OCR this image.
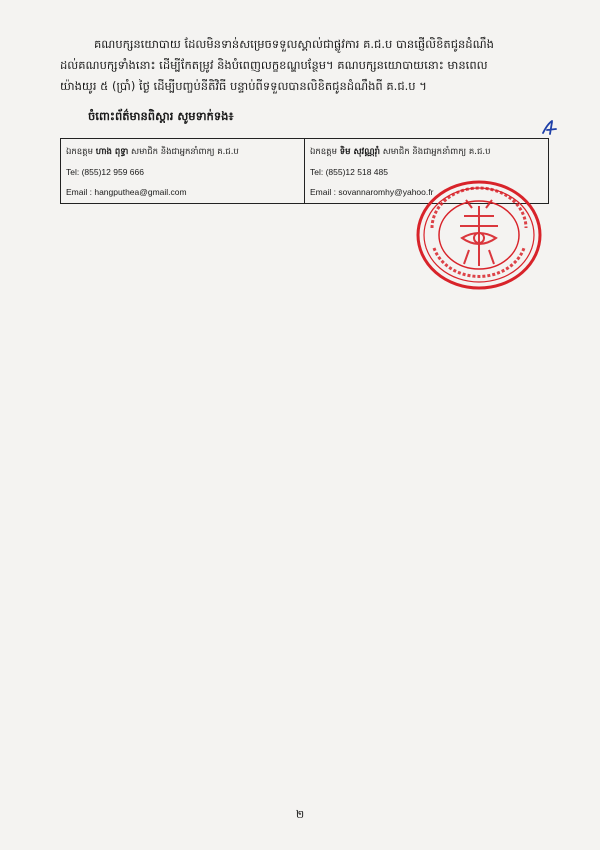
គណបក្សនយោបាយ ដែលមិនទាន់សម្រេចទទួលស្គាល់ជាផ្លូវការ គ.ជ.ប បានផ្ញើលិខិតជូនដំណឹង
ដល់គណបក្សទាំងនោះ ដើម្បីកែតម្រូវ និងបំពេញលក្ខខណ្ឌបន្ថែម។ គណបក្សនយោបាយនោះ មានពេល
យ៉ាងយូរ ៥ (ប្រាំ) ថ្ងៃ ដើម្បីបញ្ចប់នីតិវិធី បន្ទាប់ពីទទួលបានលិខិតជូនដំណឹងពី គ.ជ.ប ។

ចំពោះព័ត៌មានពិស្តារ សូមទាក់ទង៖

ឯកឧត្តម ហាង ពុទ្ធា សមាជិក និងជាអ្នកនាំពាក្យ គ.ជ.ប
Tel: (855)12 959 666
Email : hangputhea@gmail.com
ឯកឧត្តម ទិម សុវណ្ណរ៉ាំ សមាជិក និងជាអ្នកនាំពាក្យ គ.ជ.ប
Tel: (855)12 518 485
Email : sovannaromhy@yahoo.fr
២
